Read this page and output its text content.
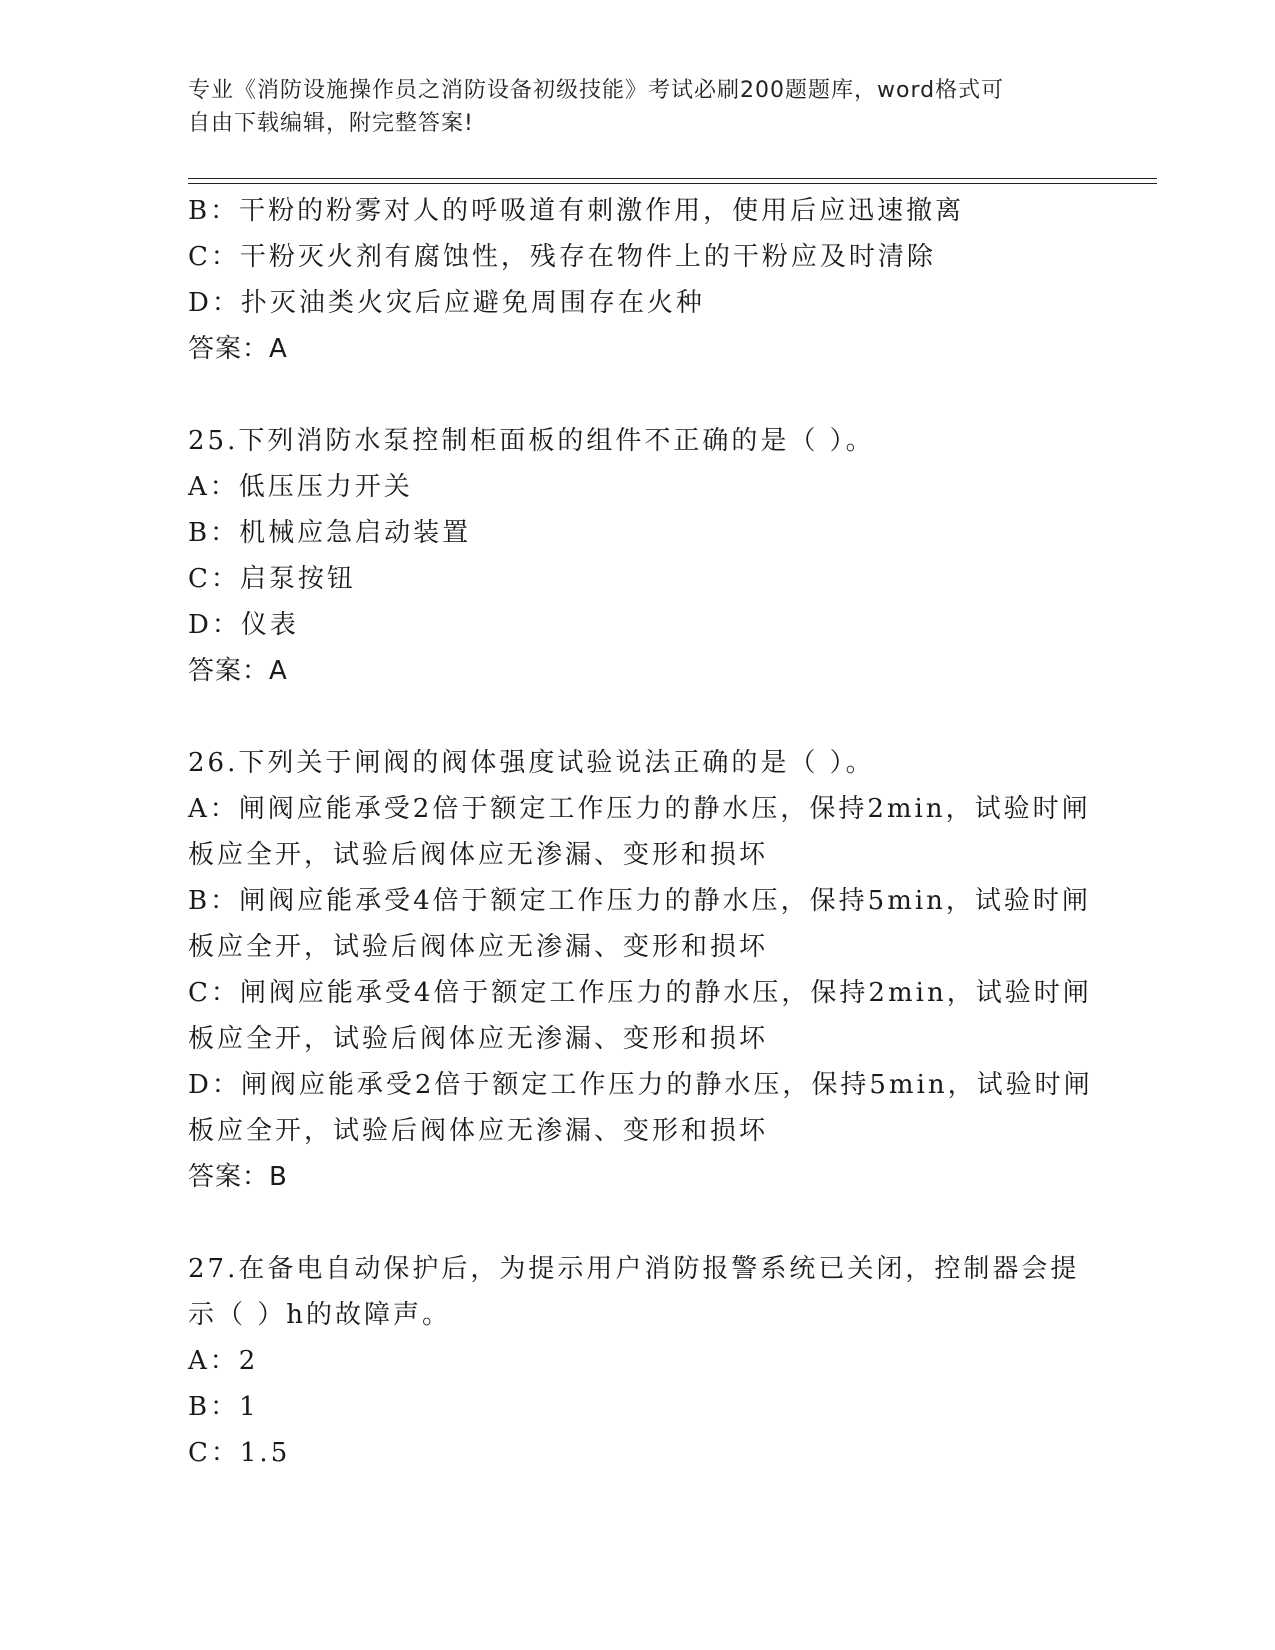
专业《消防设施操作员之消防设备初级技能》考试必刷200题题库，word格式可
自由下载编辑，附完整答案!
B：干粉的粉雾对人的呼吸道有刺激作用，使用后应迅速撤离
C：干粉灭火剂有腐蚀性，残存在物件上的干粉应及时清除
D：扑灭油类火灾后应避免周围存在火种
答案：A
25.下列消防水泵控制柜面板的组件不正确的是（ ）。
A：低压压力开关
B：机械应急启动装置
C：启泵按钮
D：仪表
答案：A
26.下列关于闸阀的阀体强度试验说法正确的是（ ）。
A：闸阀应能承受2倍于额定工作压力的静水压，保持2min，试验时闸
板应全开，试验后阀体应无渗漏、变形和损坏
B：闸阀应能承受4倍于额定工作压力的静水压，保持5min，试验时闸
板应全开，试验后阀体应无渗漏、变形和损坏
C：闸阀应能承受4倍于额定工作压力的静水压，保持2min，试验时闸
板应全开，试验后阀体应无渗漏、变形和损坏
D：闸阀应能承受2倍于额定工作压力的静水压，保持5min，试验时闸
板应全开，试验后阀体应无渗漏、变形和损坏
答案：B
27.在备电自动保护后，为提示用户消防报警系统已关闭，控制器会提
示（ ）h的故障声。
A：2
B：1
C：1.5
